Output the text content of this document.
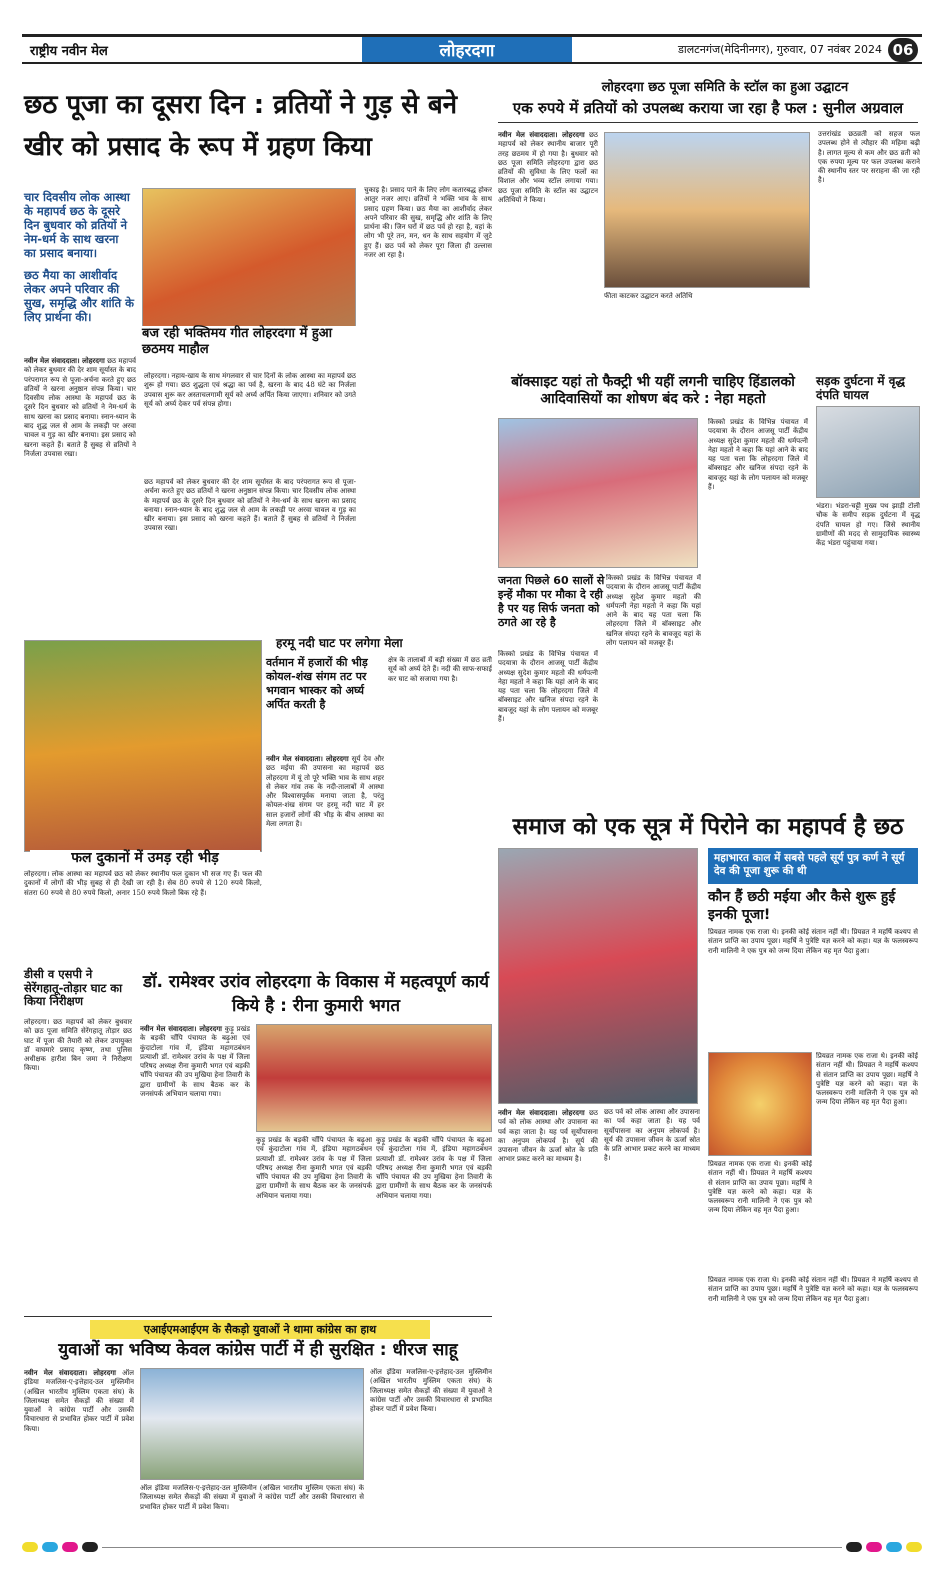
राष्ट्रीय नवीन मेल	लोहरदगा	डालटनगंज(मेदिनीनगर), गुरुवार, 07 नवंबर 2024 06
छठ पूजा का दूसरा दिन : व्रतियों ने गुड़ से बने खीर को प्रसाद के रूप में ग्रहण किया
चार दिवसीय लोक आस्था के महापर्व छठ के दूसरे दिन बुधवार को व्रतियों ने नेम-धर्म के साथ खरना का प्रसाद बनाया।
छठ मैया का आशीर्वाद लेकर अपने परिवार की सुख, समृद्धि और शांति के लिए प्रार्थना की।
बज रही भक्तिमय गीत लोहरदगा में हुआ छठमय माहौल
नवीन मेल संवाददाता। लोहरदगा छठ महापर्व को लेकर बुधवार की देर शाम सूर्यास्त के बाद परंपरागत रूप से पूजा-अर्चना करते हुए छठ व्रतियों ने खरना अनुष्ठान संपन्न किया। चार दिवसीय लोक आस्था के महापर्व छठ के दूसरे दिन बुधवार को व्रतियों ने नेम-धर्म के साथ खरना का प्रसाद बनाया। स्नान-ध्यान के बाद शुद्ध जल से आम के लकड़ी पर अरवा चावल व गुड़ का खीर बनाया। इस प्रसाद को खरना कहते हैं। बताते हैं सुबह से व्रतियों ने निर्जला उपवास रखा।
लोहरदगा। नहाय-खाय के साथ मंगलवार से चार दिनों के लोक आस्था का महापर्व छठ शुरू हो गया। छठ शुद्धता एवं श्रद्धा का पर्व है, खरना के बाद 48 घंटे का निर्जला उपवास शुरू कर अस्ताचलगामी सूर्य को अर्घ्य अर्पित किया जाएगा। शनिवार को उगते सूर्य को अर्घ्य देकर पर्व संपन्न होगा।
छठ महापर्व को लेकर बुधवार की देर शाम सूर्यास्त के बाद परंपरागत रूप से पूजा-अर्चना करते हुए छठ व्रतियों ने खरना अनुष्ठान संपन्न किया। चार दिवसीय लोक आस्था के महापर्व छठ के दूसरे दिन बुधवार को व्रतियों ने नेम-धर्म के साथ खरना का प्रसाद बनाया। स्नान-ध्यान के बाद शुद्ध जल से आम के लकड़ी पर अरवा चावल व गुड़ का खीर बनाया। इस प्रसाद को खरना कहते हैं। बताते हैं सुबह से व्रतियों ने निर्जला उपवास रखा।
चुकाइ है। प्रसाद पाने के लिए लोग कतारबद्ध होकर आतुर नजर आए। व्रतियों ने भक्ति भाव के साथ प्रसाद ग्रहण किया। छठ मैया का आशीर्वाद लेकर अपने परिवार की सुख, समृद्धि और शांति के लिए प्रार्थना की। जिन घरों में छठ पर्व हो रहा है, वहां के लोग भी पूरे तन, मन, धन के साथ सहयोग में जुटे हुए हैं। छठ पर्व को लेकर पूरा जिला ही उल्लास नजर आ रहा है।
लोहरदगा छठ पूजा समिति के स्टॉल का हुआ उद्घाटन
एक रुपये में व्रतियों को उपलब्ध कराया जा रहा है फल : सुनील अग्रवाल
नवीन मेल संवाददाता। लोहरदगा छठ महापर्व को लेकर स्थानीय बाजार पूरी तरह छठमय में हो गया है। बुधवार को छठ पूजा समिति लोहरदगा द्वारा छठ व्रतियों की सुविधा के लिए फलों का विशाल और भव्य स्टॉल लगाया गया। छठ पूजा समिति के स्टॉल का उद्घाटन अतिथियों ने किया।
फीता काटकर उद्घाटन करते अतिथि
उत्तरांखंड छठव्रती को सहज फल उपलब्ध होने से त्यौहार की महिमा बढ़ी है। लागत मूल्य से कम और छठ व्रती को एक रुपया मूल्य पर फल उपलब्ध कराने की स्थानीय स्तर पर सराहना की जा रही है।
बॉक्साइट यहां तो फैक्ट्री भी यहीं लगनी चाहिए हिंडालको आदिवासियों का शोषण बंद करे : नेहा महतो
जनता पिछले 60 सालों से इन्हें मौका पर मौका दे रही है पर यह सिर्फ जनता को ठगते आ रहे है
किस्को प्रखंड के विभिन्न पंचायत में पदयात्रा के दौरान आजसू पार्टी केंद्रीय अध्यक्ष सुदेश कुमार महतो की धर्मपत्नी नेहा महतो ने कहा कि यहां आने के बाद यह पता चला कि लोहरदगा जिले में बॉक्साइट और खनिज संपदा रहने के बावजूद यहां के लोग पलायन को मजबूर हैं।
किस्को प्रखंड के विभिन्न पंचायत में पदयात्रा के दौरान आजसू पार्टी केंद्रीय अध्यक्ष सुदेश कुमार महतो की धर्मपत्नी नेहा महतो ने कहा कि यहां आने के बाद यह पता चला कि लोहरदगा जिले में बॉक्साइट और खनिज संपदा रहने के बावजूद यहां के लोग पलायन को मजबूर हैं।
किस्को प्रखंड के विभिन्न पंचायत में पदयात्रा के दौरान आजसू पार्टी केंद्रीय अध्यक्ष सुदेश कुमार महतो की धर्मपत्नी नेहा महतो ने कहा कि यहां आने के बाद यह पता चला कि लोहरदगा जिले में बॉक्साइट और खनिज संपदा रहने के बावजूद यहां के लोग पलायन को मजबूर हैं।
सड़क दुर्घटना में वृद्ध दंपति घायल
भंडरा। भंडरा-चट्टी मुख्य पथ झाड़ी टोली चौक के समीप सड़क दुर्घटना में वृद्ध दंपति घायल हो गए। जिसे स्थानीय ग्रामीणों की मदद से सामुदायिक स्वास्थ्य केंद्र भंडरा पहुंचाया गया।
फल दुकानों में उमड़ रही भीड़
लोहरदगा। लोक आस्था का महापर्व छठ को लेकर स्थानीय फल दुकान भी सज गए हैं। फल की दुकानों में लोगों की भीड़ सुबह से ही देखी जा रही है। सेब 80 रुपये से 120 रुपये किलो, संतरा 60 रुपये से 80 रुपये किलो, अनार 150 रुपये किलो बिक रहे हैं।
हरमू नदी घाट पर लगेगा मेला
वर्तमान में हजारों की भीड़ कोयल-शंख संगम तट पर भगवान भास्कर को अर्घ्य अर्पित करती है
नवीन मेल संवाददाता। लोहरदगा सूर्य देव और छठ मईया की उपासना का महापर्व छठ लोहरदगा में यूं तो पूरे भक्ति भाव के साथ शहर से लेकर गांव तक के नदी-तालाबों में आस्था और विश्वासपूर्वक मनाया जाता है, परंतु कोयल-शंख संगम पर हरमू नदी घाट में हर साल हजारों लोगों की भीड़ के बीच आस्था का मेला लगता है।
क्षेत्र के तालाबों में बड़ी संख्या में छठ व्रती सूर्य को अर्घ्य देते हैं। नदी की साफ-सफाई कर घाट को सजाया गया है।
डीसी व एसपी ने सेरेंगहातू-तोड़ार घाट का किया निरीक्षण
लोहरदगा। छठ महापर्व को लेकर बुधवार को छठ पूजा समिति सेरेंगहातू तोड़ार छठ घाट में पूजा की तैयारी को लेकर उपायुक्त डॉ वाघमारे प्रसाद कृष्ण, तथा पुलिस अधीक्षक हारीश बिन जमा ने निरीक्षण किया।
डॉ. रामेश्वर उरांव लोहरदगा के विकास में महत्वपूर्ण कार्य किये है : रीना कुमारी भगत
नवीन मेल संवाददाता। लोहरदगा कुड़ू प्रखंड के बड़की चाँपि पंचायत के बढ़ुआ एवं कुंदाटोला गांव में, इंडिया महागठबंधन प्रत्याशी डॉ. रामेश्वर उरांव के पक्ष में जिला परिषद अध्यक्ष रीना कुमारी भगत एवं बड़की चाँपि पंचायत की उप मुखिया हेना तिवारी के द्वारा ग्रामीणों के साथ बैठक कर के जनसंपर्क अभियान चलाया गया।
कुड़ू प्रखंड के बड़की चाँपि पंचायत के बढ़ुआ एवं कुंदाटोला गांव में, इंडिया महागठबंधन प्रत्याशी डॉ. रामेश्वर उरांव के पक्ष में जिला परिषद अध्यक्ष रीना कुमारी भगत एवं बड़की चाँपि पंचायत की उप मुखिया हेना तिवारी के द्वारा ग्रामीणों के साथ बैठक कर के जनसंपर्क अभियान चलाया गया।
कुड़ू प्रखंड के बड़की चाँपि पंचायत के बढ़ुआ एवं कुंदाटोला गांव में, इंडिया महागठबंधन प्रत्याशी डॉ. रामेश्वर उरांव के पक्ष में जिला परिषद अध्यक्ष रीना कुमारी भगत एवं बड़की चाँपि पंचायत की उप मुखिया हेना तिवारी के द्वारा ग्रामीणों के साथ बैठक कर के जनसंपर्क अभियान चलाया गया।
समाज को एक सूत्र में पिरोने का महापर्व है छठ
नवीन मेल संवाददाता। लोहरदगा छठ पर्व को लोक आस्था और उपासना का पर्व कहा जाता है। यह पर्व सूर्योपासना का अनुपम लोकपर्व है। सूर्य की उपासना जीवन के ऊर्जा स्रोत के प्रति आभार प्रकट करने का माध्यम है।
छठ पर्व को लोक आस्था और उपासना का पर्व कहा जाता है। यह पर्व सूर्योपासना का अनुपम लोकपर्व है। सूर्य की उपासना जीवन के ऊर्जा स्रोत के प्रति आभार प्रकट करने का माध्यम है।
महाभारत काल में सबसे पहले सूर्य पुत्र कर्ण ने सूर्य देव की पूजा शुरू की थी
कौन हैं छठी मईया और कैसे शुरू हुई इनकी पूजा!
प्रियव्रत नामक एक राजा थे। इनकी कोई संतान नहीं थी। प्रियव्रत ने महर्षि कश्यप से संतान प्राप्ति का उपाय पूछा। महर्षि ने पुत्रेष्टि यज्ञ करने को कहा। यज्ञ के फलस्वरूप रानी मालिनी ने एक पुत्र को जन्म दिया लेकिन वह मृत पैदा हुआ।
प्रियव्रत नामक एक राजा थे। इनकी कोई संतान नहीं थी। प्रियव्रत ने महर्षि कश्यप से संतान प्राप्ति का उपाय पूछा। महर्षि ने पुत्रेष्टि यज्ञ करने को कहा। यज्ञ के फलस्वरूप रानी मालिनी ने एक पुत्र को जन्म दिया लेकिन वह मृत पैदा हुआ।
प्रियव्रत नामक एक राजा थे। इनकी कोई संतान नहीं थी। प्रियव्रत ने महर्षि कश्यप से संतान प्राप्ति का उपाय पूछा। महर्षि ने पुत्रेष्टि यज्ञ करने को कहा। यज्ञ के फलस्वरूप रानी मालिनी ने एक पुत्र को जन्म दिया लेकिन वह मृत पैदा हुआ।
प्रियव्रत नामक एक राजा थे। इनकी कोई संतान नहीं थी। प्रियव्रत ने महर्षि कश्यप से संतान प्राप्ति का उपाय पूछा। महर्षि ने पुत्रेष्टि यज्ञ करने को कहा। यज्ञ के फलस्वरूप रानी मालिनी ने एक पुत्र को जन्म दिया लेकिन वह मृत पैदा हुआ।
एआईएमआईएम के सैकड़ो युवाओं ने थामा कांग्रेस का हाथ
युवाओं का भविष्य केवल कांग्रेस पार्टी में ही सुरक्षित : धीरज साहू
नवीन मेल संवाददाता। लोहरदगा ऑल इंडिया मजलिस-ए-इत्तेहाद-उल मुस्लिमीन (अखिल भारतीय मुस्लिम एकता संघ) के जिलाध्यक्ष समेत सैकड़ों की संख्या में युवाओं ने कांग्रेस पार्टी और उसकी विचारधारा से प्रभावित होकर पार्टी में प्रवेश किया।
ऑल इंडिया मजलिस-ए-इत्तेहाद-उल मुस्लिमीन (अखिल भारतीय मुस्लिम एकता संघ) के जिलाध्यक्ष समेत सैकड़ों की संख्या में युवाओं ने कांग्रेस पार्टी और उसकी विचारधारा से प्रभावित होकर पार्टी में प्रवेश किया।
ऑल इंडिया मजलिस-ए-इत्तेहाद-उल मुस्लिमीन (अखिल भारतीय मुस्लिम एकता संघ) के जिलाध्यक्ष समेत सैकड़ों की संख्या में युवाओं ने कांग्रेस पार्टी और उसकी विचारधारा से प्रभावित होकर पार्टी में प्रवेश किया।
